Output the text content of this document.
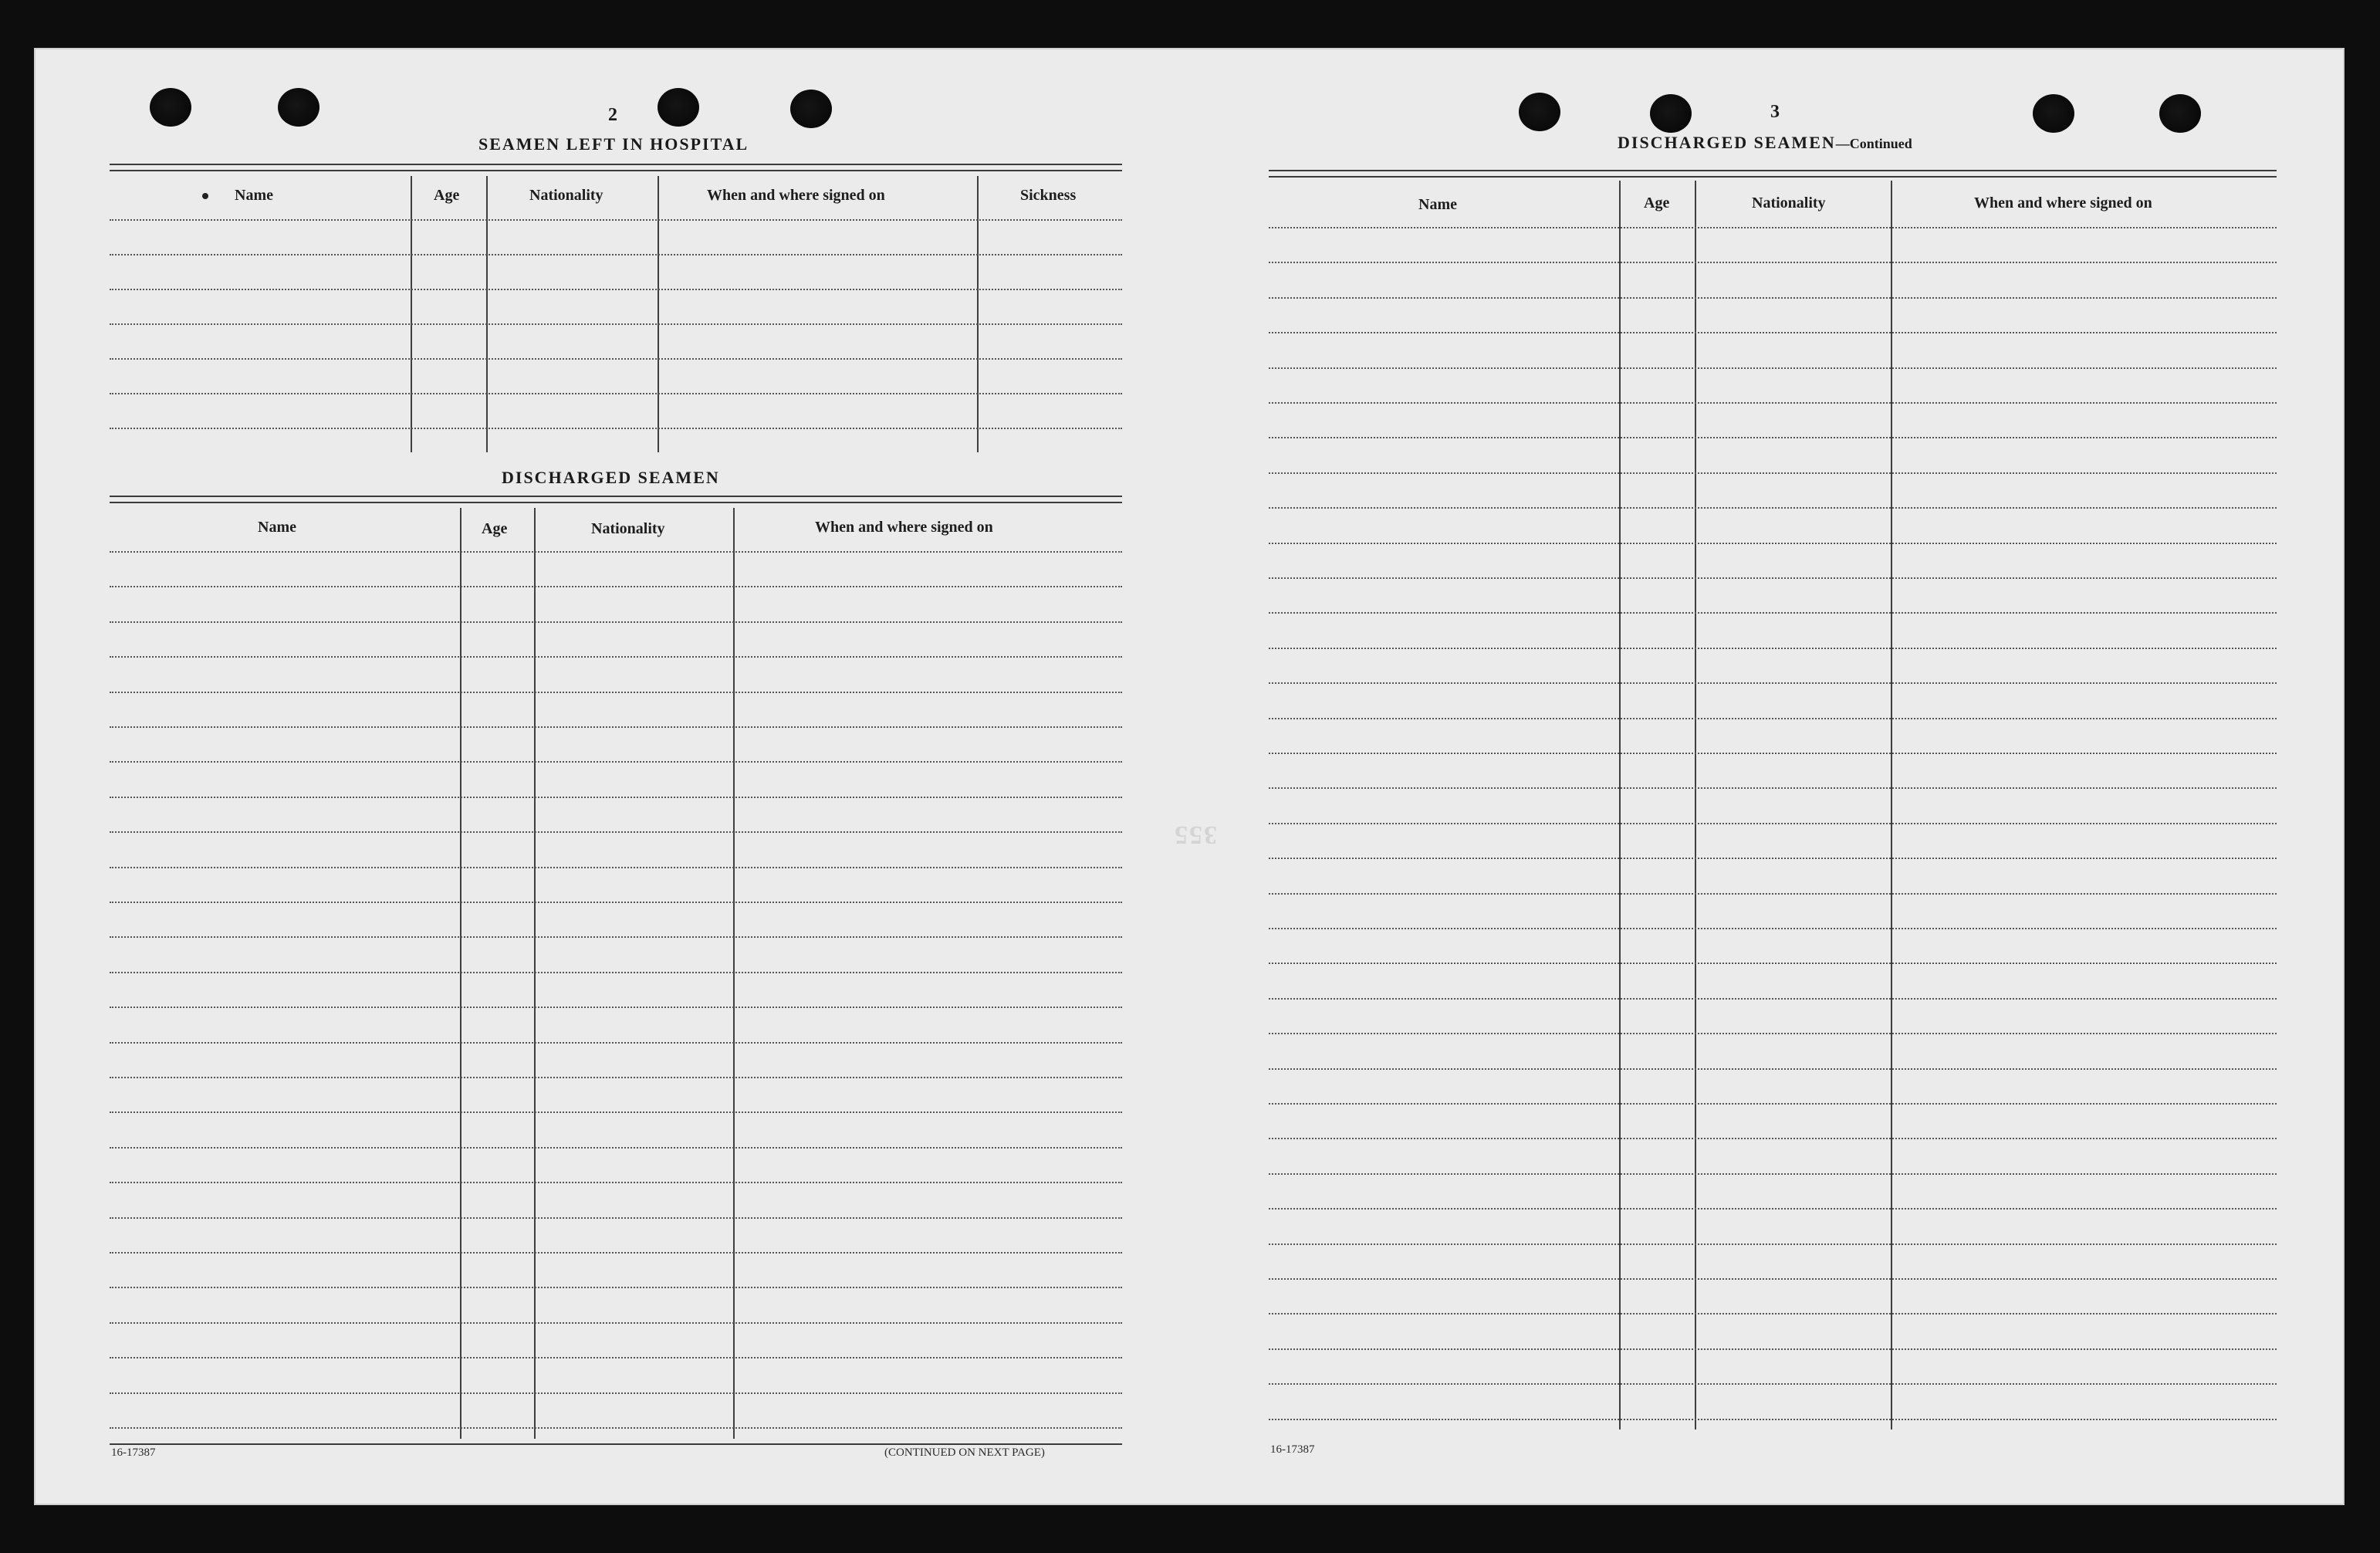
355
2
SEAMEN LEFT IN HOSPITAL
Name	Age	Nationality	When and where signed on	Sickness
DISCHARGED SEAMEN
Name	Age	Nationality	When and where signed on
16-17387	(CONTINUED ON NEXT PAGE)
3
DISCHARGED SEAMEN—Continued
Name	Age	Nationality	When and where signed on
16-17387
